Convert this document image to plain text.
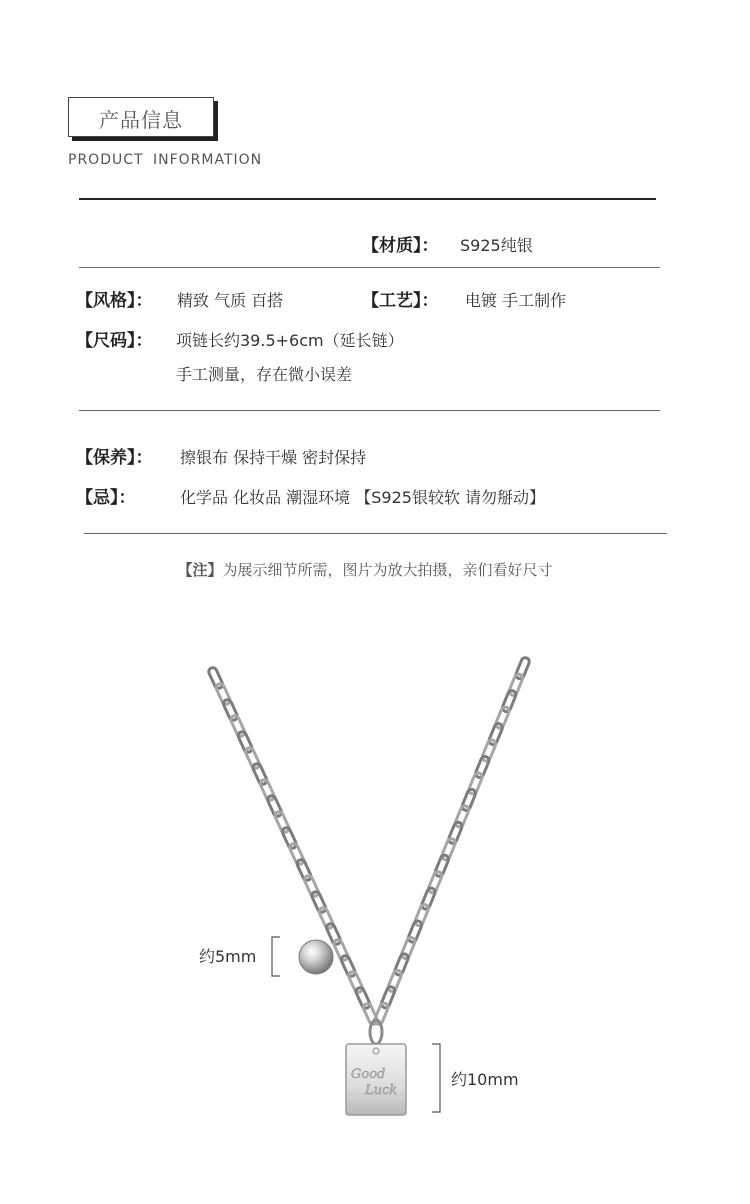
产品信息
PRODUCT INFORMATION
【材质】： S925纯银
【风格】： 精致 气质 百搭	【工艺】： 电镀 手工制作
【尺码】： 项链长约39.5+6cm（延长链）
手工测量，存在微小误差
【保养】： 擦银布 保持干燥 密封保持
【忌】：	化学品 化妆品 潮湿环境 【S925银较软 请勿掰动】
【注】为展示细节所需，图片为放大拍摄，亲们看好尺寸
Good
Luck
约5mm
约10mm
